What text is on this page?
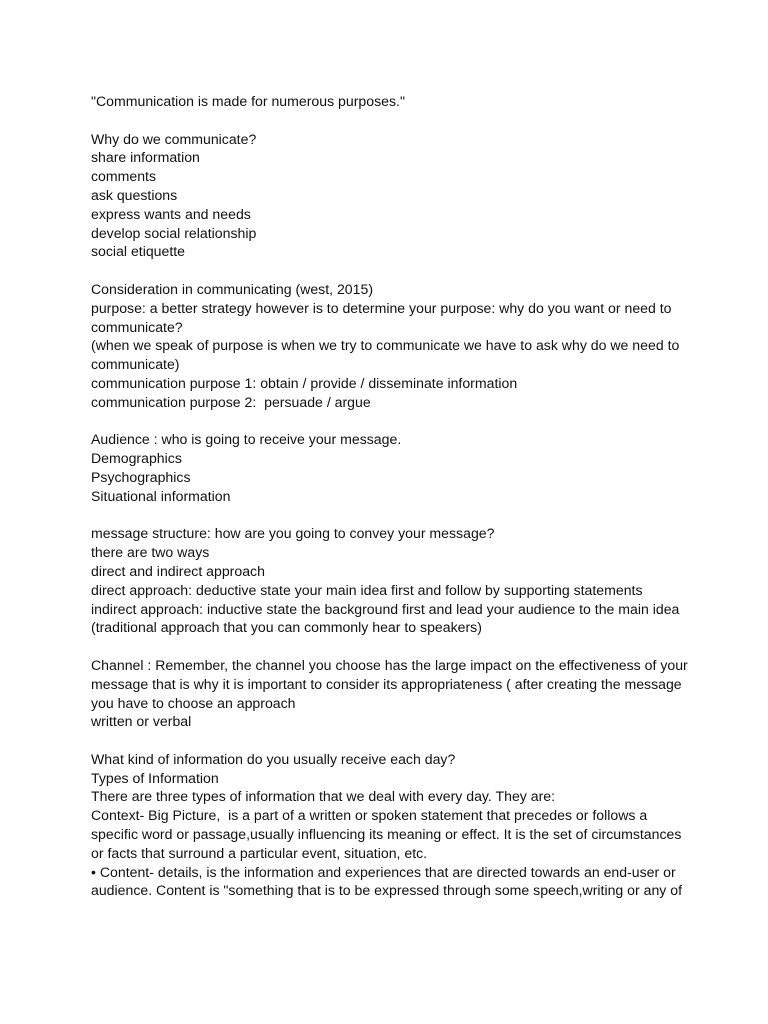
"Communication is made for numerous purposes."
Why do we communicate?
share information
comments
ask questions
express wants and needs
develop social relationship
social etiquette
Consideration in communicating (west, 2015)
purpose: a better strategy however is to determine your purpose: why do you want or need to
communicate?
(when we speak of purpose is when we try to communicate we have to ask why do we need to
communicate)
communication purpose 1: obtain / provide / disseminate information
communication purpose 2:  persuade / argue
Audience : who is going to receive your message.
Demographics
Psychographics
Situational information
message structure: how are you going to convey your message?
there are two ways
direct and indirect approach
direct approach: deductive state your main idea first and follow by supporting statements
indirect approach: inductive state the background first and lead your audience to the main idea
(traditional approach that you can commonly hear to speakers)
Channel : Remember, the channel you choose has the large impact on the effectiveness of your
message that is why it is important to consider its appropriateness ( after creating the message
you have to choose an approach
written or verbal
What kind of information do you usually receive each day?
Types of Information
There are three types of information that we deal with every day. They are:
Context- Big Picture,  is a part of a written or spoken statement that precedes or follows a
specific word or passage,usually influencing its meaning or effect. It is the set of circumstances
or facts that surround a particular event, situation, etc.
• Content- details, is the information and experiences that are directed towards an end-user or
audience. Content is "something that is to be expressed through some speech,writing or any of
